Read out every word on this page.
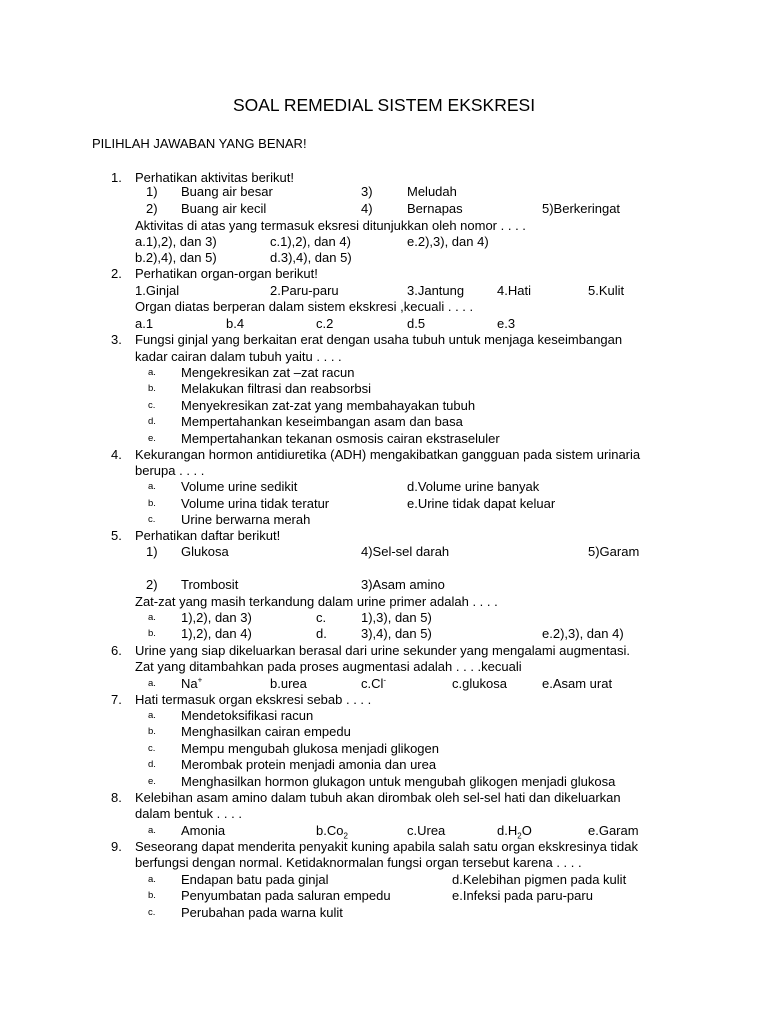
SOAL REMEDIAL SISTEM EKSKRESI
PILIHLAH JAWABAN YANG BENAR!
1. Perhatikan aktivitas berikut!
1) Buang air besar	3)	Meludah
2) Buang air kecil	4)	Bernapas	5)Berkeringat
Aktivitas di atas yang termasuk eksresi ditunjukkan oleh nomor . . . .
a.1),2), dan 3)	c.1),2), dan 4)	e.2),3), dan 4)
b.2),4), dan 5)	d.3),4), dan 5)
2. Perhatikan organ-organ berikut!
1.Ginjal	2.Paru-paru	3.Jantung	4.Hati	5.Kulit
Organ diatas berperan dalam sistem ekskresi ,kecuali . . . .
a.1	b.4	c.2	d.5	e.3
3. Fungsi ginjal yang berkaitan erat dengan usaha tubuh untuk menjaga keseimbangan
kadar cairan dalam tubuh yaitu . . . .
a. Mengekresikan zat –zat racun
b. Melakukan filtrasi dan reabsorbsi
c. Menyekresikan zat-zat yang membahayakan tubuh
d. Mempertahankan keseimbangan asam dan basa
e. Mempertahankan tekanan osmosis cairan ekstraseluler
4. Kekurangan hormon antidiuretika (ADH) mengakibatkan gangguan pada sistem urinaria
berupa . . . .
a. Volume urine sedikit	d.Volume urine banyak
b. Volume urina tidak teratur	e.Urine tidak dapat keluar
c. Urine berwarna merah
5. Perhatikan daftar berikut!
1) Glukosa	4)Sel-sel darah	5)Garam
2) Trombosit	3)Asam amino
Zat-zat yang masih terkandung dalam urine primer adalah . . . .
a. 1),2), dan 3)	c.	1),3), dan 5)
b. 1),2), dan 4)	d.	3),4), dan 5)	e.2),3), dan 4)
6. Urine yang siap dikeluarkan berasal dari urine sekunder yang mengalami augmentasi.
Zat yang ditambahkan pada proses augmentasi adalah . . . .kecuali
a. Na+	b.urea	c.Cl-	c.glukosa	e.Asam urat
7. Hati termasuk organ ekskresi sebab . . . .
a. Mendetoksifikasi racun
b. Menghasilkan cairan empedu
c. Mempu mengubah glukosa menjadi glikogen
d. Merombak protein menjadi amonia dan urea
e. Menghasilkan hormon glukagon untuk mengubah glikogen menjadi glukosa
8. Kelebihan asam amino dalam tubuh akan dirombak oleh sel-sel hati dan dikeluarkan
dalam bentuk . . . .
a. Amonia	$b.Co_2$	c.Urea	$d.H_2O$	e.Garam
9. Seseorang dapat menderita penyakit kuning apabila salah satu organ ekskresinya tidak
berfungsi dengan normal. Ketidaknormalan fungsi organ tersebut karena . . . .
a. Endapan batu pada ginjal	d.Kelebihan pigmen pada kulit
b. Penyumbatan pada saluran empedu	e.Infeksi pada paru-paru
c. Perubahan pada warna kulit
